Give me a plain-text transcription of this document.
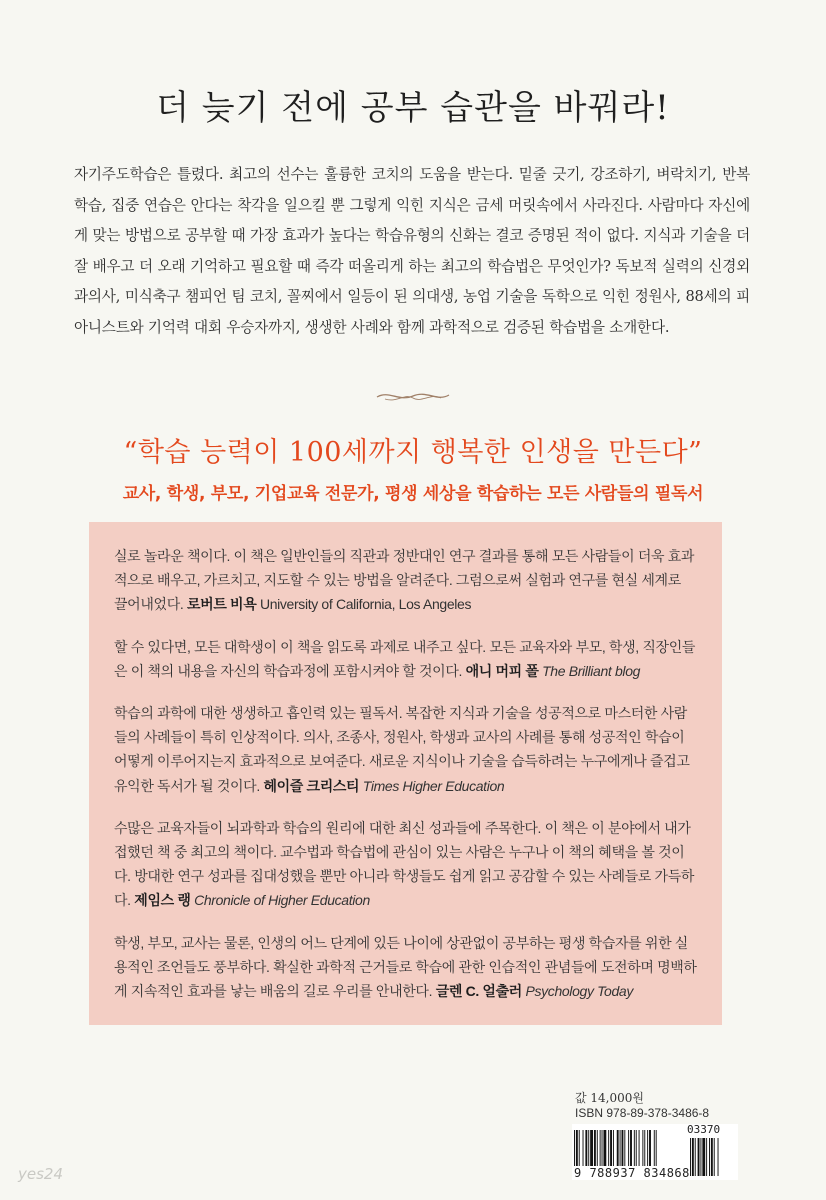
더 늦기 전에 공부 습관을 바꿔라!

자기주도학습은 틀렸다. 최고의 선수는 훌륭한 코치의 도움을 받는다. 밑줄 긋기, 강조하기, 벼락치기, 반복 학습, 집중 연습은 안다는 착각을 일으킬 뿐 그렇게 익힌 지식은 금세 머릿속에서 사라진다. 사람마다 자신에게 맞는 방법으로 공부할 때 가장 효과가 높다는 학습유형의 신화는 결코 증명된 적이 없다. 지식과 기술을 더 잘 배우고 더 오래 기억하고 필요할 때 즉각 떠올리게 하는 최고의 학습법은 무엇인가? 독보적 실력의 신경외과의사, 미식축구 챔피언 팀 코치, 꼴찌에서 일등이 된 의대생, 농업 기술을 독학으로 익힌 정원사, 88세의 피아니스트와 기억력 대회 우승자까지, 생생한 사례와 함께 과학적으로 검증된 학습법을 소개한다.

“학습 능력이 100세까지 행복한 인생을 만든다”

교사, 학생, 부모, 기업교육 전문가, 평생 세상을 학습하는 모든 사람들의 필독서

실로 놀라운 책이다. 이 책은 일반인들의 직관과 정반대인 연구 결과를 통해 모든 사람들이 더욱 효과적으로 배우고, 가르치고, 지도할 수 있는 방법을 알려준다. 그럼으로써 실험과 연구를 현실 세계로 끌어내었다. 로버트 비욕 University of California, Los Angeles

할 수 있다면, 모든 대학생이 이 책을 읽도록 과제로 내주고 싶다. 모든 교육자와 부모, 학생, 직장인들은 이 책의 내용을 자신의 학습과정에 포함시켜야 할 것이다. 애니 머피 폴 The Brilliant blog

학습의 과학에 대한 생생하고 흡인력 있는 필독서. 복잡한 지식과 기술을 성공적으로 마스터한 사람들의 사례들이 특히 인상적이다. 의사, 조종사, 정원사, 학생과 교사의 사례를 통해 성공적인 학습이 어떻게 이루어지는지 효과적으로 보여준다. 새로운 지식이나 기술을 습득하려는 누구에게나 즐겁고 유익한 독서가 될 것이다. 헤이즐 크리스티 Times Higher Education

수많은 교육자들이 뇌과학과 학습의 원리에 대한 최신 성과들에 주목한다. 이 책은 이 분야에서 내가 접했던 책 중 최고의 책이다. 교수법과 학습법에 관심이 있는 사람은 누구나 이 책의 혜택을 볼 것이다. 방대한 연구 성과를 집대성했을 뿐만 아니라 학생들도 쉽게 읽고 공감할 수 있는 사례들로 가득하다. 제임스 랭 Chronicle of Higher Education

학생, 부모, 교사는 물론, 인생의 어느 단계에 있든 나이에 상관없이 공부하는 평생 학습자를 위한 실용적인 조언들도 풍부하다. 확실한 과학적 근거들로 학습에 관한 인습적인 관념들에 도전하며 명백하게 지속적인 효과를 낳는 배움의 길로 우리를 안내한다. 글렌 C. 얼출러 Psychology Today

값 14,000원
ISBN 978-89-378-3486-8
03370
9 788937 834868
yes24
